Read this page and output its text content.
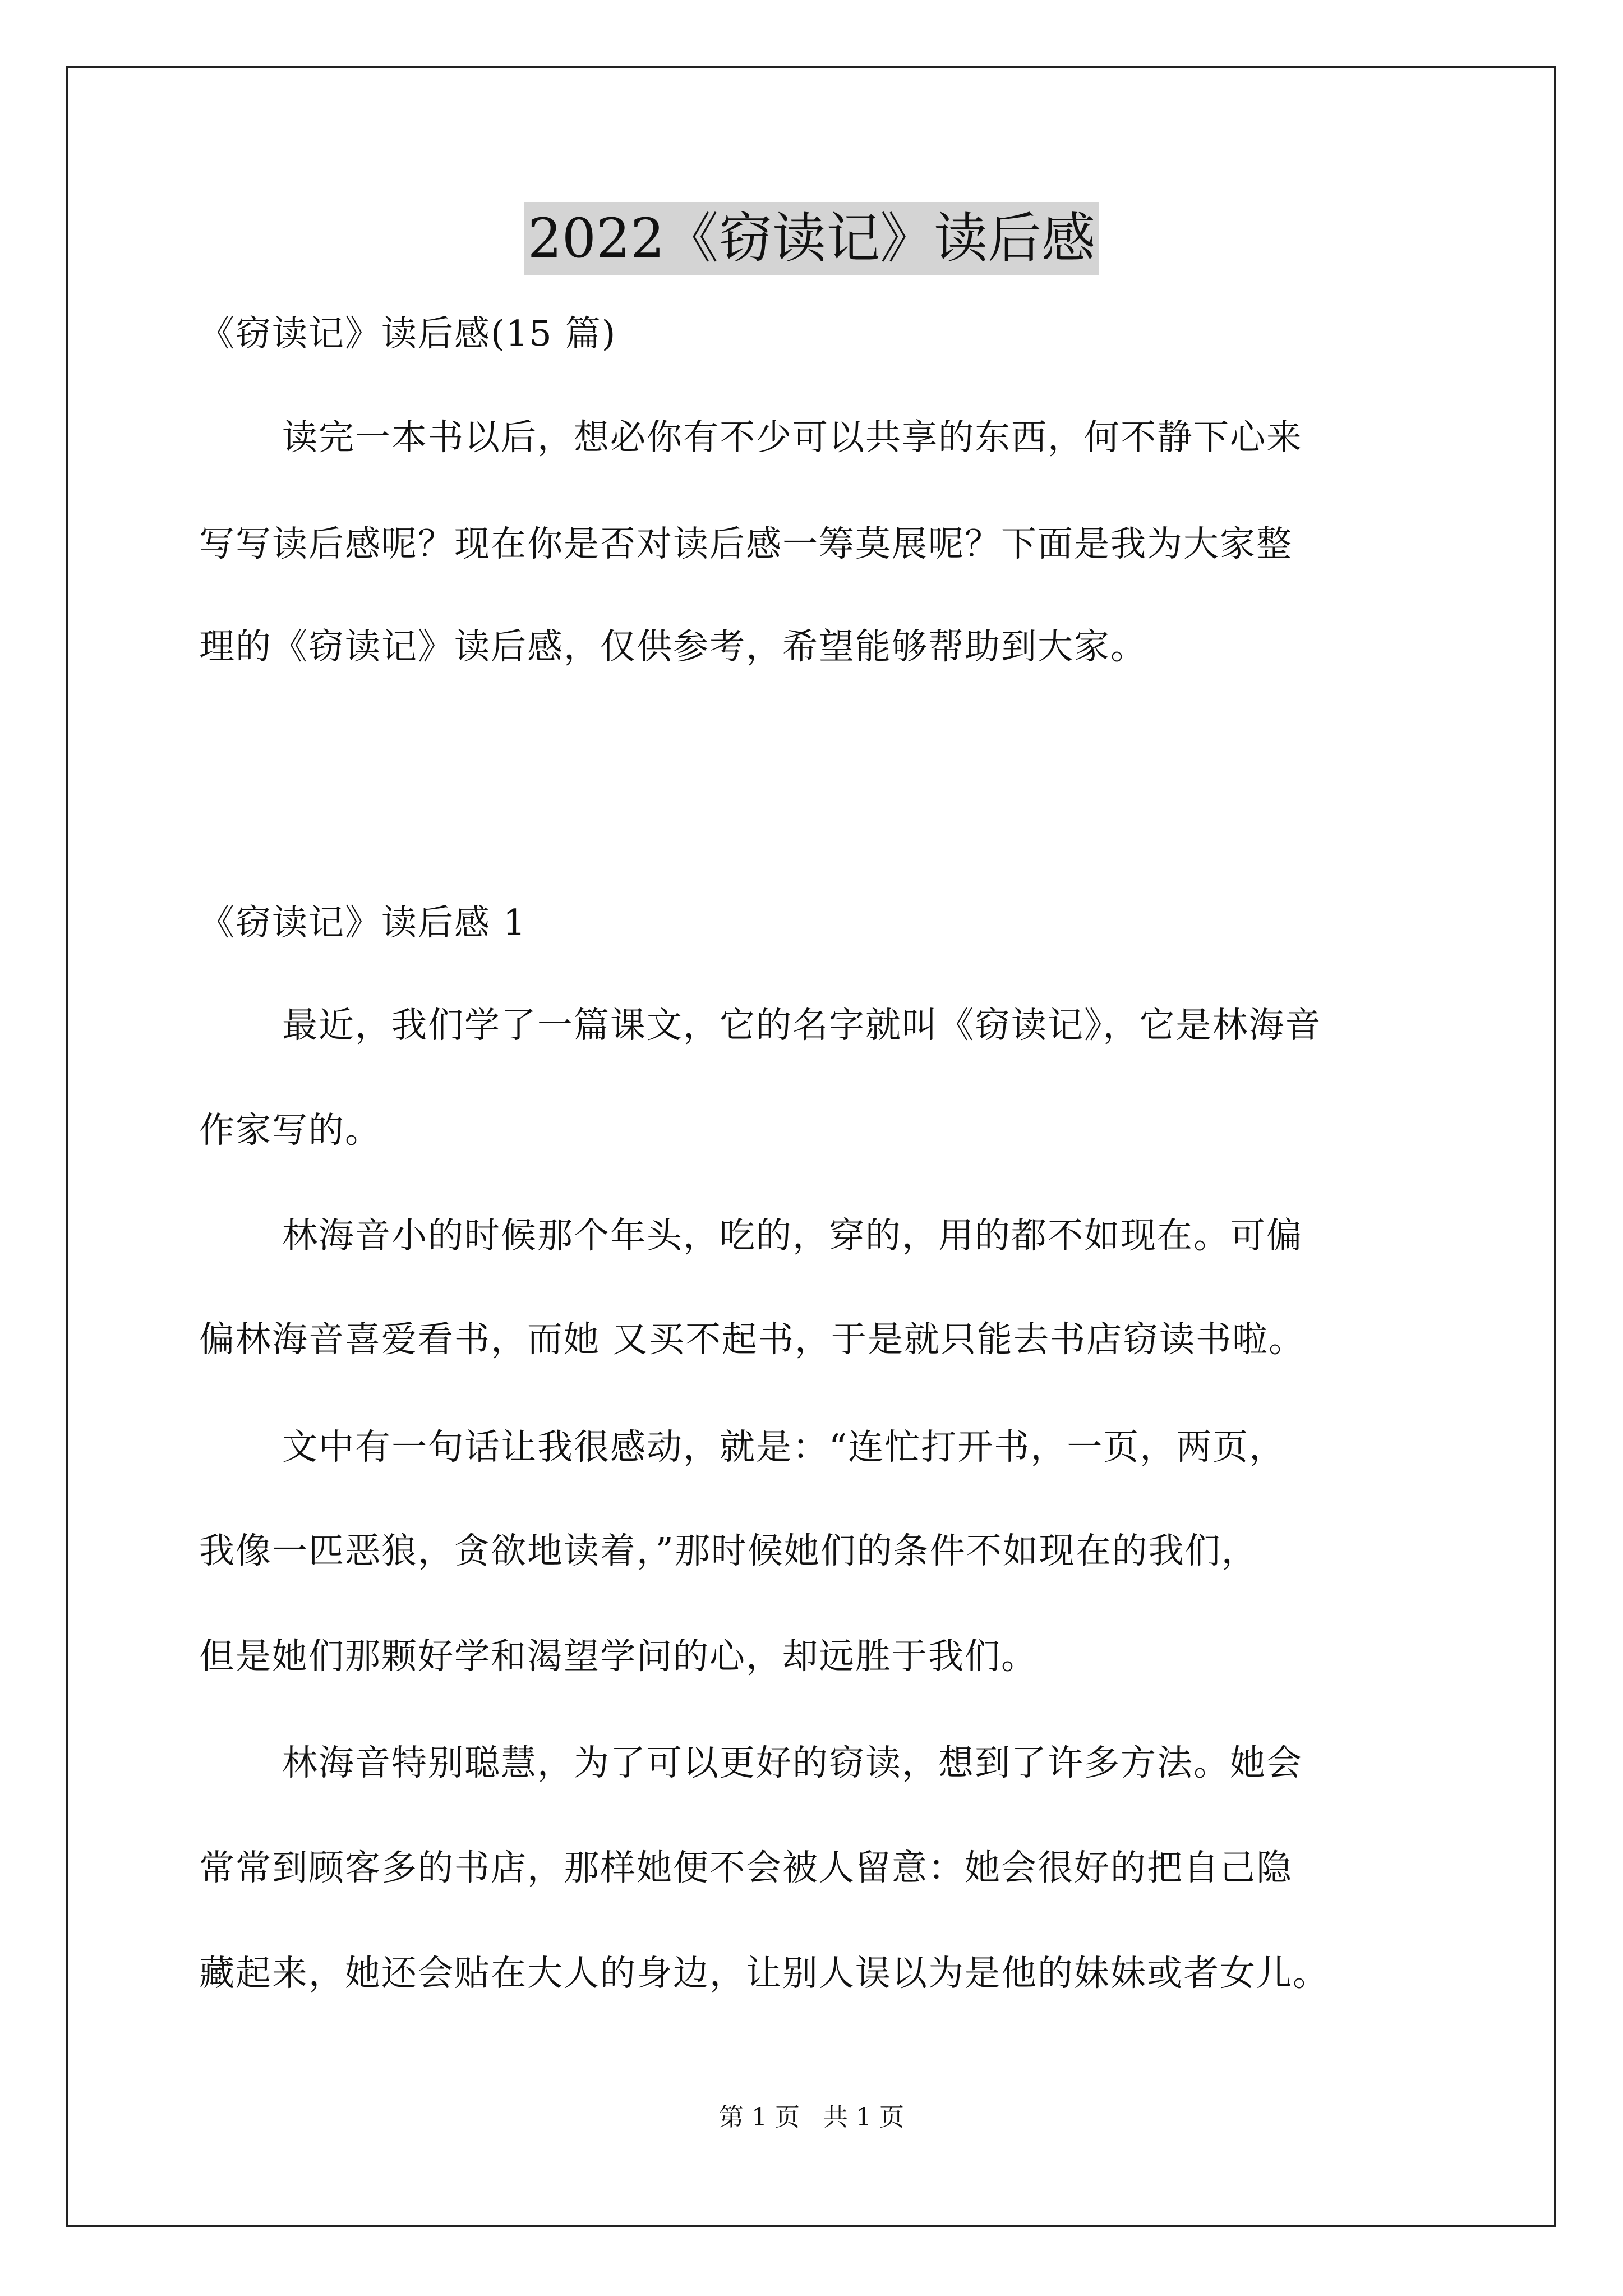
2022《窃读记》读后感
《窃读记》读后感(15 篇)
读完一本书以后，想必你有不少可以共享的东西，何不静下心来
写写读后感呢？现在你是否对读后感一筹莫展呢？下面是我为大家整
理的《窃读记》读后感，仅供参考，希望能够帮助到大家。
《窃读记》读后感 1
最近，我们学了一篇课文，它的名字就叫《窃读记》，它是林海音
作家写的。
林海音小的时候那个年头，吃的，穿的，用的都不如现在。可偏
偏林海音喜爱看书，而她 又买不起书，于是就只能去书店窃读书啦。
文中有一句话让我很感动，就是：“连忙打开书，一页，两页，
我像一匹恶狼，贪欲地读着，”那时候她们的条件不如现在的我们，
但是她们那颗好学和渴望学问的心，却远胜于我们。
林海音特别聪慧，为了可以更好的窃读，想到了许多方法。她会
常常到顾客多的书店，那样她便不会被人留意：她会很好的把自己隐
藏起来，她还会贴在大人的身边，让别人误以为是他的妹妹或者女儿。
第 1 页   共 1 页
